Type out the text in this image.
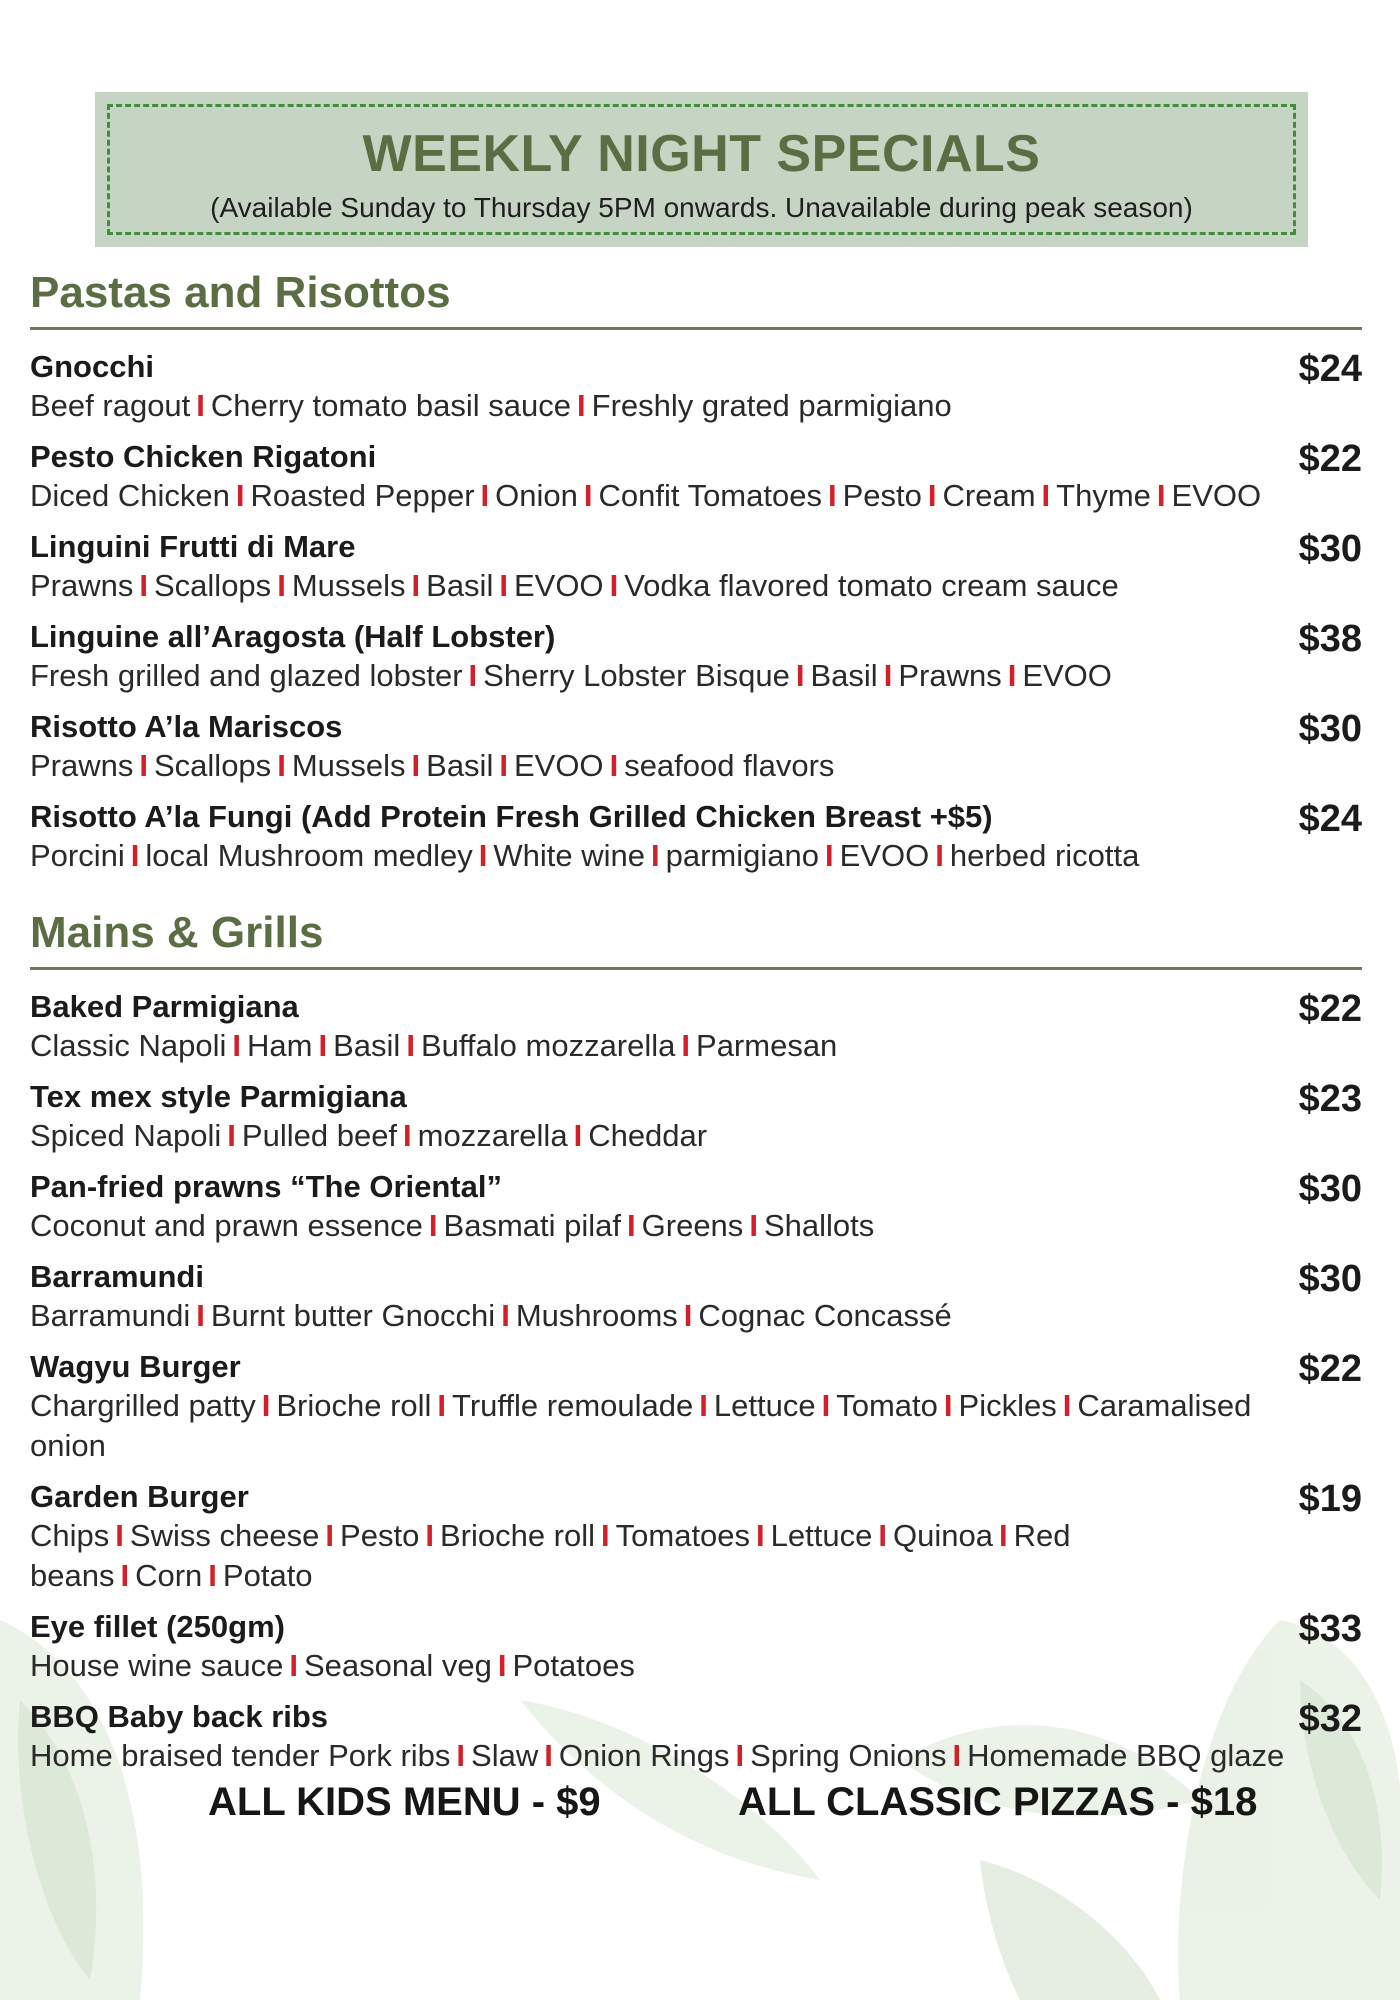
WEEKLY NIGHT SPECIALS
(Available Sunday to Thursday 5PM onwards. Unavailable during peak season)
Pastas and Risottos
Gnocchi	$24
Beef ragout I Cherry tomato basil sauce I Freshly grated parmigiano
Pesto Chicken Rigatoni	$22
Diced Chicken I Roasted Pepper I Onion I Confit Tomatoes I Pesto I Cream I Thyme I EVOO
Linguini Frutti di Mare	$30
Prawns I Scallops I Mussels I Basil I EVOO I Vodka flavored tomato cream sauce
Linguine all’Aragosta (Half Lobster)	$38
Fresh grilled and glazed lobster I Sherry Lobster Bisque I Basil I Prawns I EVOO
Risotto A’la Mariscos	$30
Prawns I Scallops I Mussels I Basil I EVOO I seafood flavors
Risotto A’la Fungi (Add Protein Fresh Grilled Chicken Breast +$5)	$24
Porcini I local Mushroom medley I White wine I parmigiano I EVOO I herbed ricotta
Mains & Grills
Baked Parmigiana	$22
Classic Napoli I Ham I Basil I Buffalo mozzarella I Parmesan
Tex mex style Parmigiana	$23
Spiced Napoli I Pulled beef I mozzarella I Cheddar
Pan-fried prawns “The Oriental”	$30
Coconut and prawn essence I Basmati pilaf I Greens I Shallots
Barramundi	$30
Barramundi I Burnt butter Gnocchi I Mushrooms I Cognac Concassé
Wagyu Burger	$22
Chargrilled patty I Brioche roll I Truffle remoulade I Lettuce I Tomato I Pickles I Caramalised onion
Garden Burger	$19
Chips I Swiss cheese I Pesto I Brioche roll I Tomatoes I Lettuce I Quinoa I Red beans I Corn I Potato
Eye fillet (250gm)	$33
House wine sauce I Seasonal veg I Potatoes
BBQ Baby back ribs	$32
Home braised tender Pork ribs I Slaw I Onion Rings I Spring Onions I Homemade BBQ glaze
ALL KIDS MENU - $9	ALL CLASSIC PIZZAS - $18
